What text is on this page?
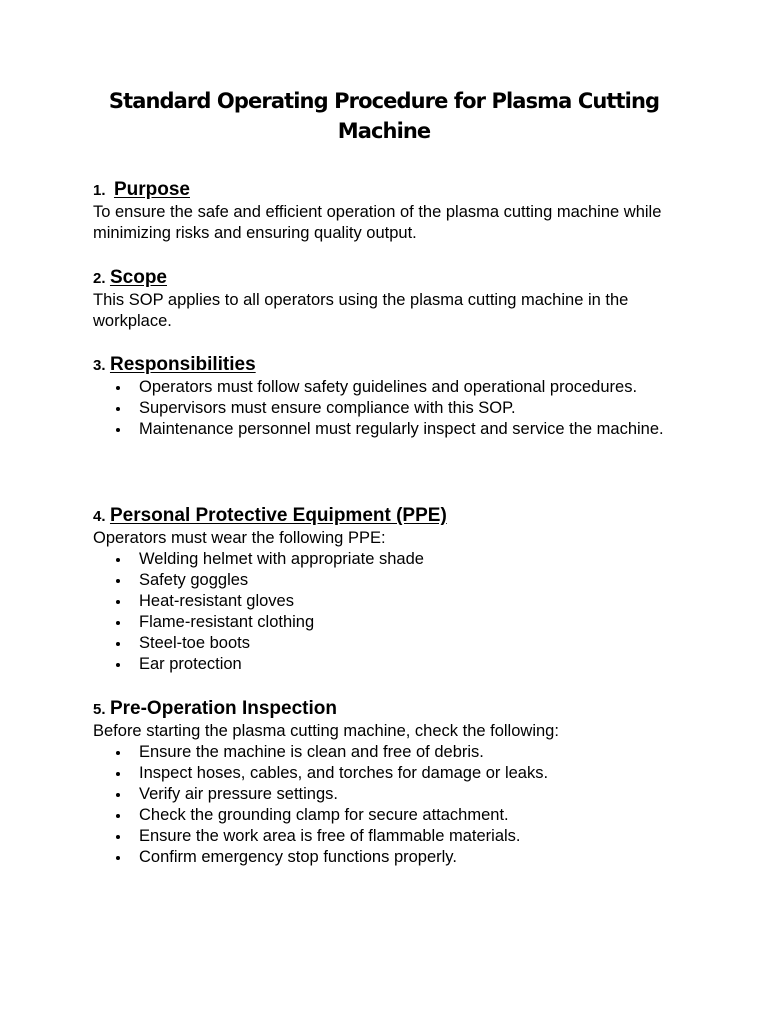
Standard Operating Procedure for Plasma Cutting Machine
1. Purpose

To ensure the safe and efficient operation of the plasma cutting machine while minimizing risks and ensuring quality output.

2. Scope

This SOP applies to all operators using the plasma cutting machine in the workplace.

3. Responsibilities
Operators must follow safety guidelines and operational procedures.
Supervisors must ensure compliance with this SOP.
Maintenance personnel must regularly inspect and service the machine.
4. Personal Protective Equipment (PPE)

Operators must wear the following PPE:

Welding helmet with appropriate shade
Safety goggles
Heat-resistant gloves
Flame-resistant clothing
Steel-toe boots
Ear protection
5. Pre-Operation Inspection

Before starting the plasma cutting machine, check the following:

Ensure the machine is clean and free of debris.
Inspect hoses, cables, and torches for damage or leaks.
Verify air pressure settings.
Check the grounding clamp for secure attachment.
Ensure the work area is free of flammable materials.
Confirm emergency stop functions properly.
